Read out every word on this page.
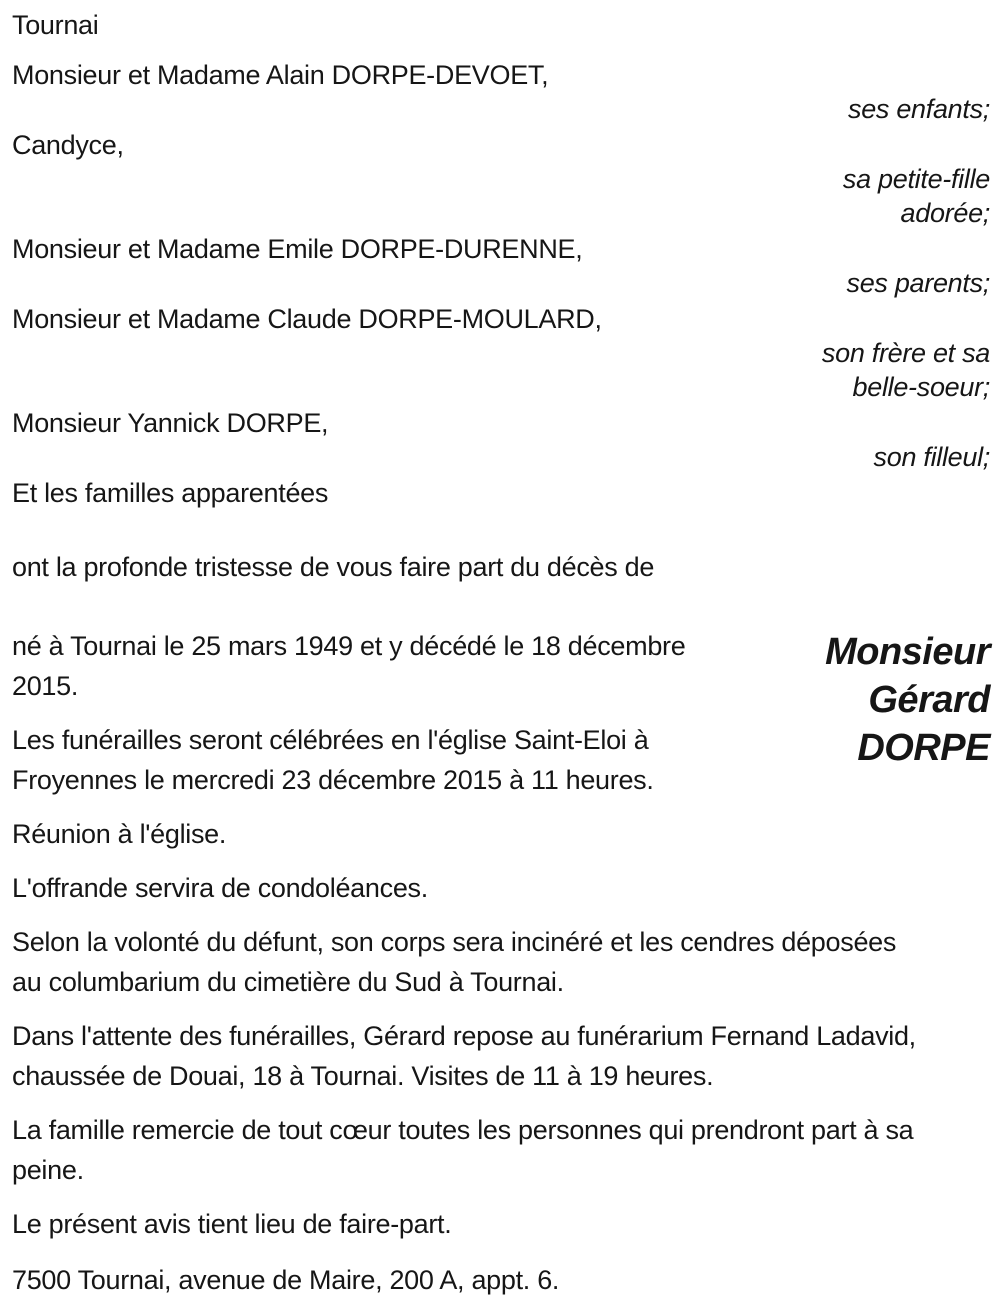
Tournai
Monsieur et Madame Alain DORPE-DEVOET,
ses enfants;
Candyce,
sa petite-fille adorée;
Monsieur et Madame Emile DORPE-DURENNE,
ses parents;
Monsieur et Madame Claude DORPE-MOULARD,
son frère et sa belle-soeur;
Monsieur Yannick DORPE,
son filleul;
Et les familles apparentées
ont la profonde tristesse de vous faire part du décès de

né à Tournai le 25 mars 1949 et y décédé le 18 décembre 2015.

Les funérailles seront célébrées en l'église Saint-Eloi à Froyennes le mercredi 23 décembre 2015 à 11 heures.

Monsieur
Gérard
DORPE

Réunion à l'église.

L'offrande servira de condoléances.

Selon la volonté du défunt, son corps sera incinéré et les cendres déposées au columbarium du cimetière du Sud à Tournai.

Dans l'attente des funérailles, Gérard repose au funérarium Fernand Ladavid, chaussée de Douai, 18 à Tournai. Visites de 11 à 19 heures.

La famille remercie de tout cœur toutes les personnes qui prendront part à sa peine.

Le présent avis tient lieu de faire-part.

7500 Tournai, avenue de Maire, 200 A, appt. 6.
